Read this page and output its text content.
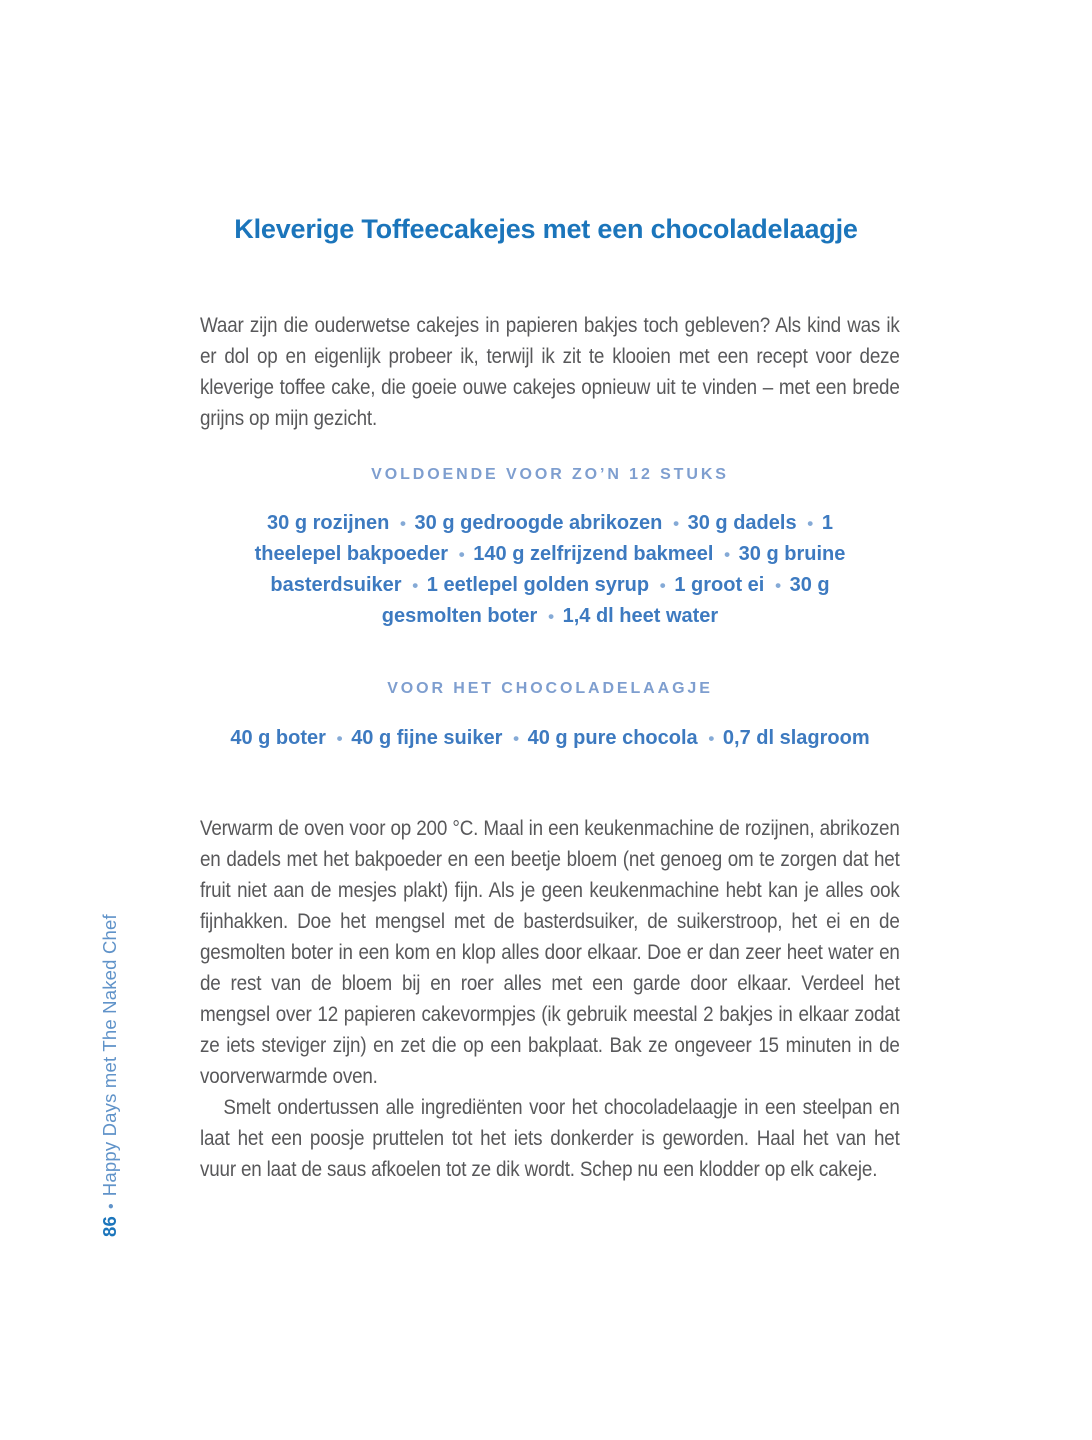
Kleverige Toffeecakejes met een chocoladelaagje

Waar zijn die ouderwetse cakejes in papieren bakjes toch gebleven? Als kind was ik er dol op en eigenlijk probeer ik, terwijl ik zit te klooien met een recept voor deze kleverige toffee cake, die goeie ouwe cakejes opnieuw uit te vinden – met een brede grijns op mijn gezicht.

VOLDOENDE VOOR ZO’N 12 STUKS
30 g rozijnen • 30 g gedroogde abrikozen • 30 g dadels • 1 theelepel bakpoeder • 140 g zelfrijzend bakmeel • 30 g bruine basterdsuiker • 1 eetlepel golden syrup • 1 groot ei • 30 g gesmolten boter • 1,4 dl heet water
VOOR HET CHOCOLADELAAGJE
40 g boter • 40 g fijne suiker • 40 g pure chocola • 0,7 dl slagroom

Verwarm de oven voor op 200 °C. Maal in een keukenmachine de rozijnen, abrikozen en dadels met het bakpoeder en een beetje bloem (net genoeg om te zorgen dat het fruit niet aan de mesjes plakt) fijn. Als je geen keukenmachine hebt kan je alles ook fijnhakken. Doe het mengsel met de basterdsuiker, de suikerstroop, het ei en de gesmolten boter in een kom en klop alles door elkaar. Doe er dan zeer heet water en de rest van de bloem bij en roer alles met een garde door elkaar. Verdeel het mengsel over 12 papieren cakevormpjes (ik gebruik meestal 2 bakjes in elkaar zodat ze iets steviger zijn) en zet die op een bakplaat. Bak ze ongeveer 15 minuten in de voorverwarmde oven.

Smelt ondertussen alle ingrediënten voor het chocoladelaagje in een steelpan en laat het een poosje pruttelen tot het iets donkerder is geworden. Haal het van het vuur en laat de saus afkoelen tot ze dik wordt. Schep nu een klodder op elk cakeje.

86•Happy Days met The Naked Chef
